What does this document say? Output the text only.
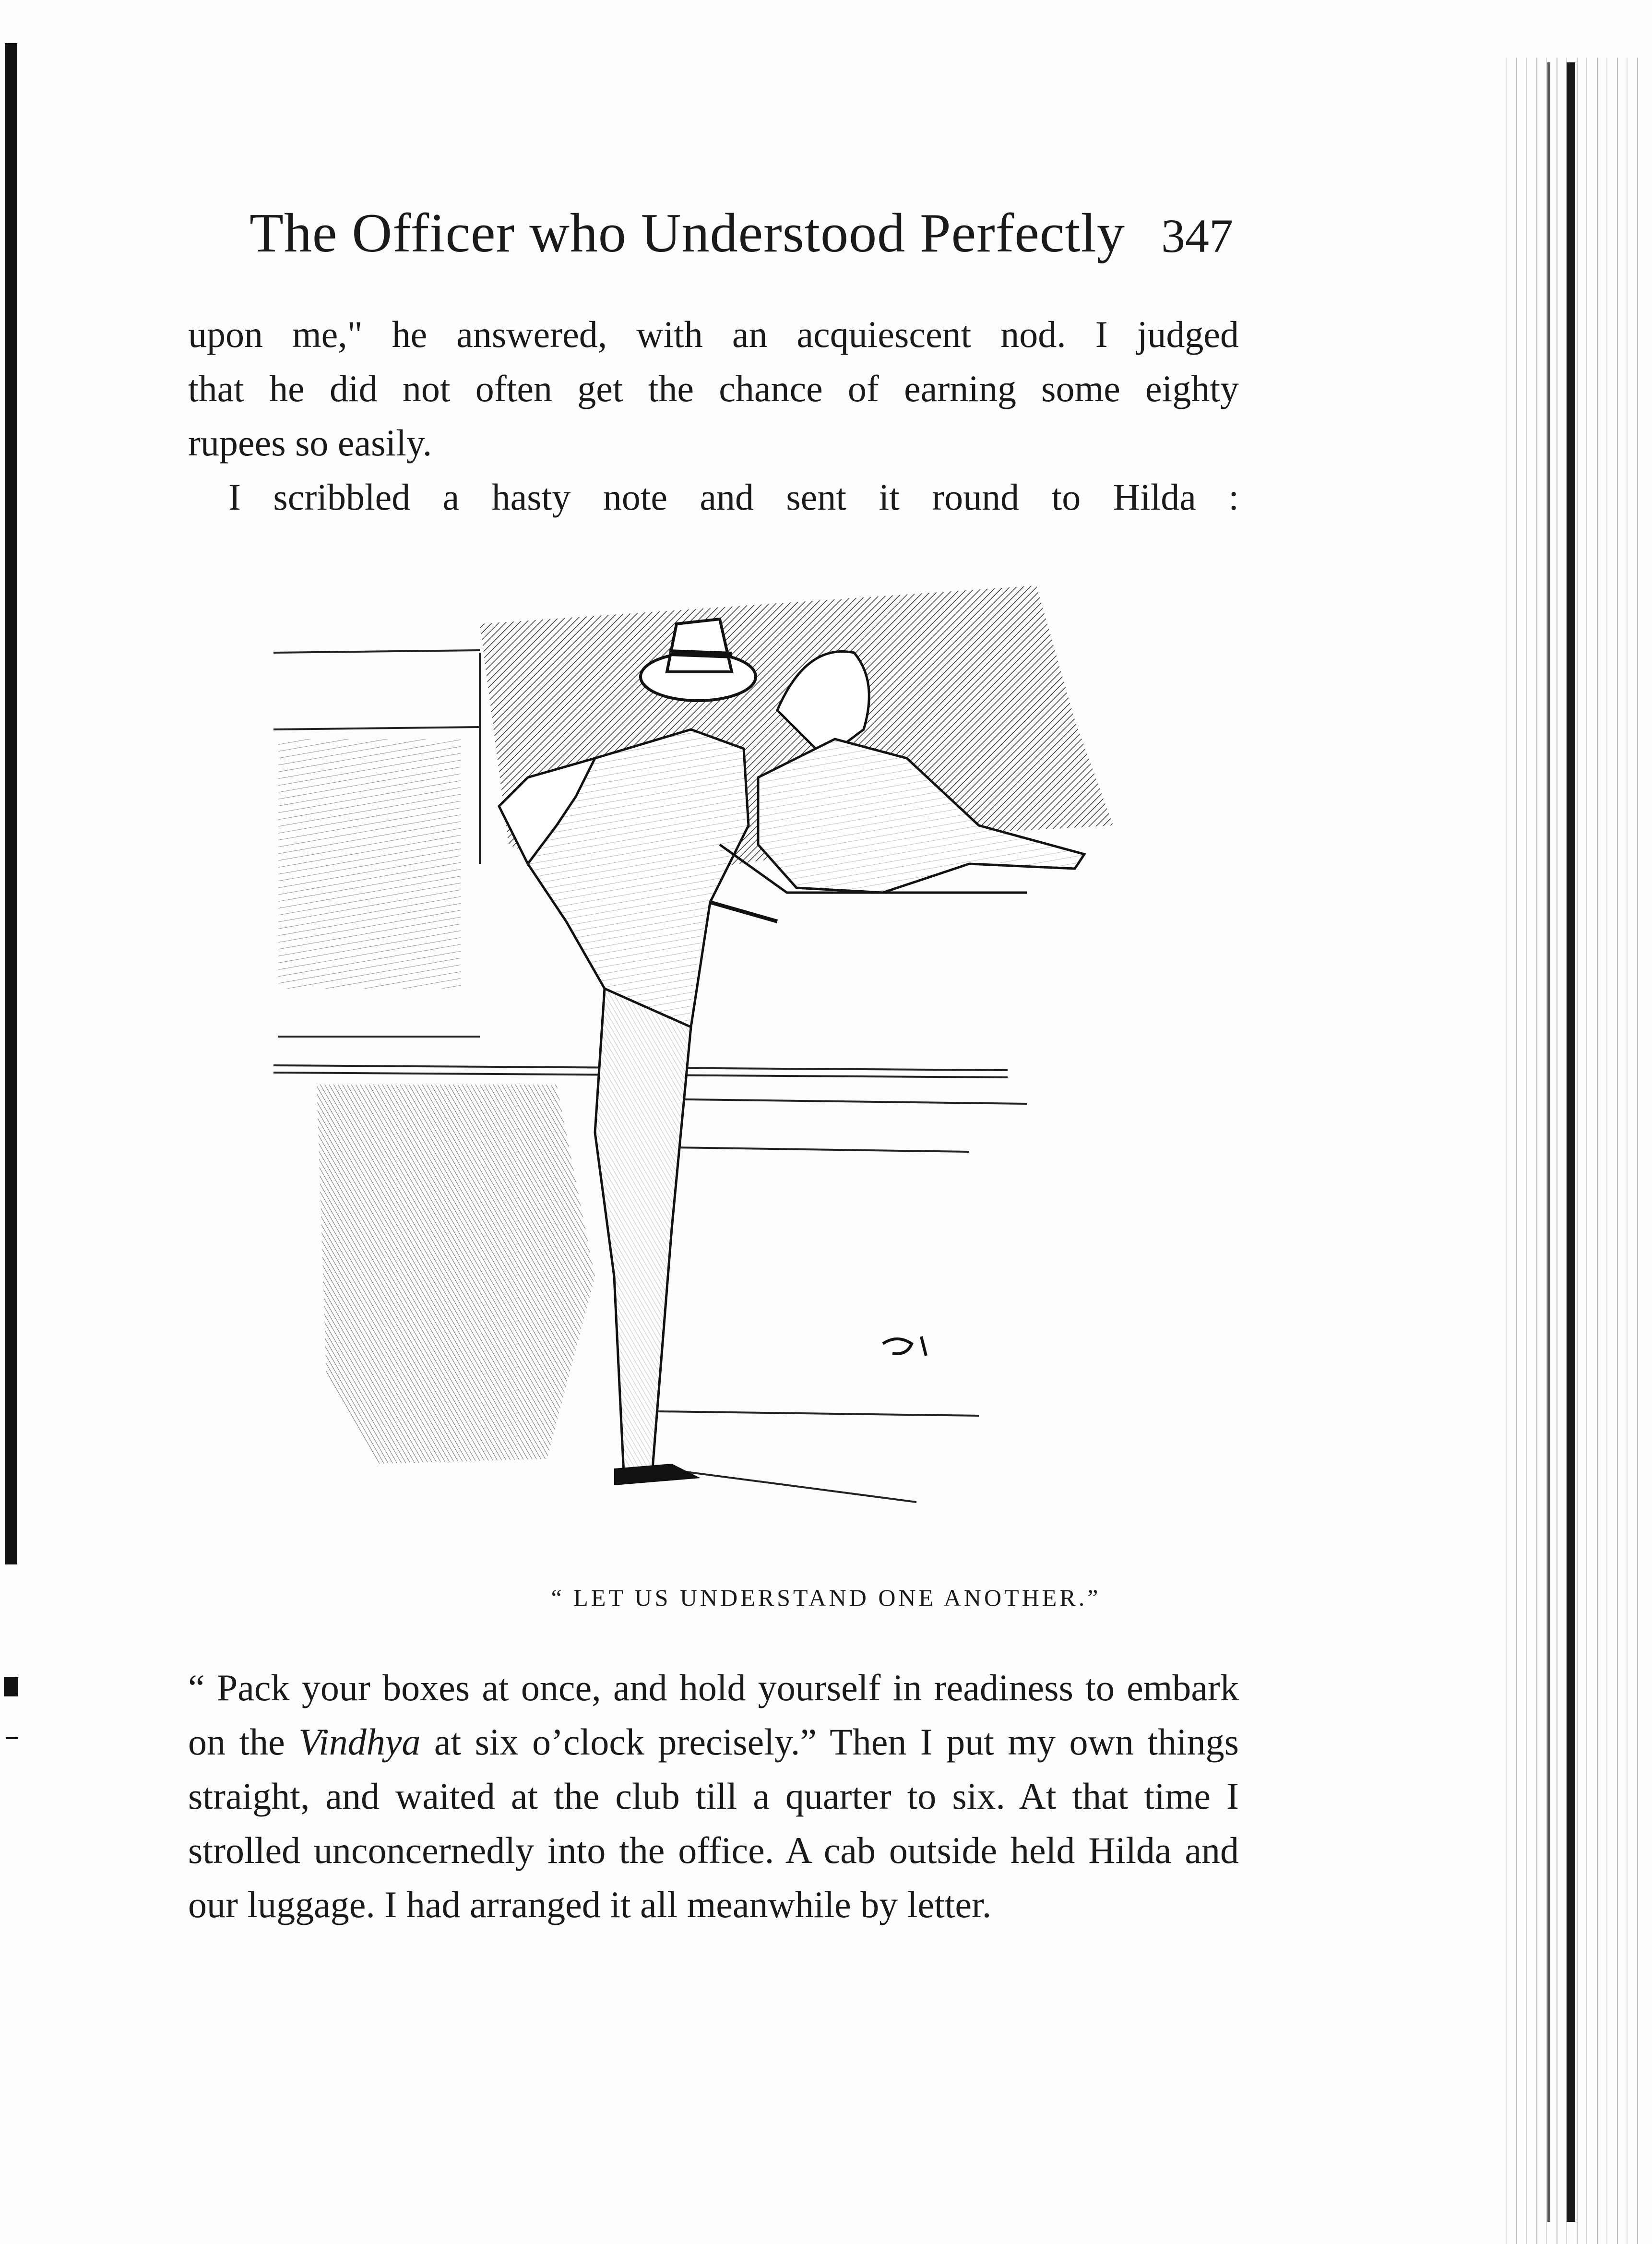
The Officer who Understood Perfectly 347

upon me," he answered, with an acquiescent nod. I judged

that he did not often get the chance of earning some eighty

rupees so easily.

I scribbled a hasty note and sent it round to Hilda :

“ LET US UNDERSTAND ONE ANOTHER.”

“ Pack your boxes at once, and hold yourself in readiness to embark on the Vindhya at six o’clock precisely.” Then I put my own things straight, and waited at the club till a quarter to six. At that time I strolled unconcernedly into the office. A cab outside held Hilda and our luggage. I had arranged it all meanwhile by letter.
